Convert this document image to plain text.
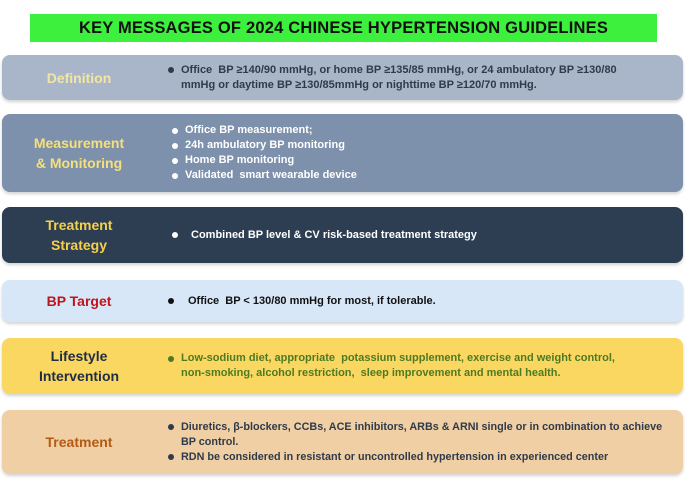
KEY MESSAGES OF 2024 CHINESE HYPERTENSION GUIDELINES
Definition	Office  BP ≥140/90 mmHg, or home BP ≥135/85 mmHg, or 24 ambulatory BP ≥130/80
mmHg or daytime BP ≥130/85mmHg or nighttime BP ≥120/70 mmHg.
Measurement
& Monitoring
Office BP measurement;
24h ambulatory BP monitoring
Home BP monitoring
Validated  smart wearable device
Treatment
Strategy
Combined BP level & CV risk-based treatment strategy
BP Target	Office  BP < 130/80 mmHg for most, if tolerable.
Lifestyle
Intervention
Low-sodium diet, appropriate  potassium supplement, exercise and weight control,
non-smoking, alcohol restriction,  sleep improvement and mental health.
Treatment
Diuretics, β-blockers, CCBs, ACE inhibitors, ARBs & ARNI single or in combination to achieve
BP control.
RDN be considered in resistant or uncontrolled hypertension in experienced center
